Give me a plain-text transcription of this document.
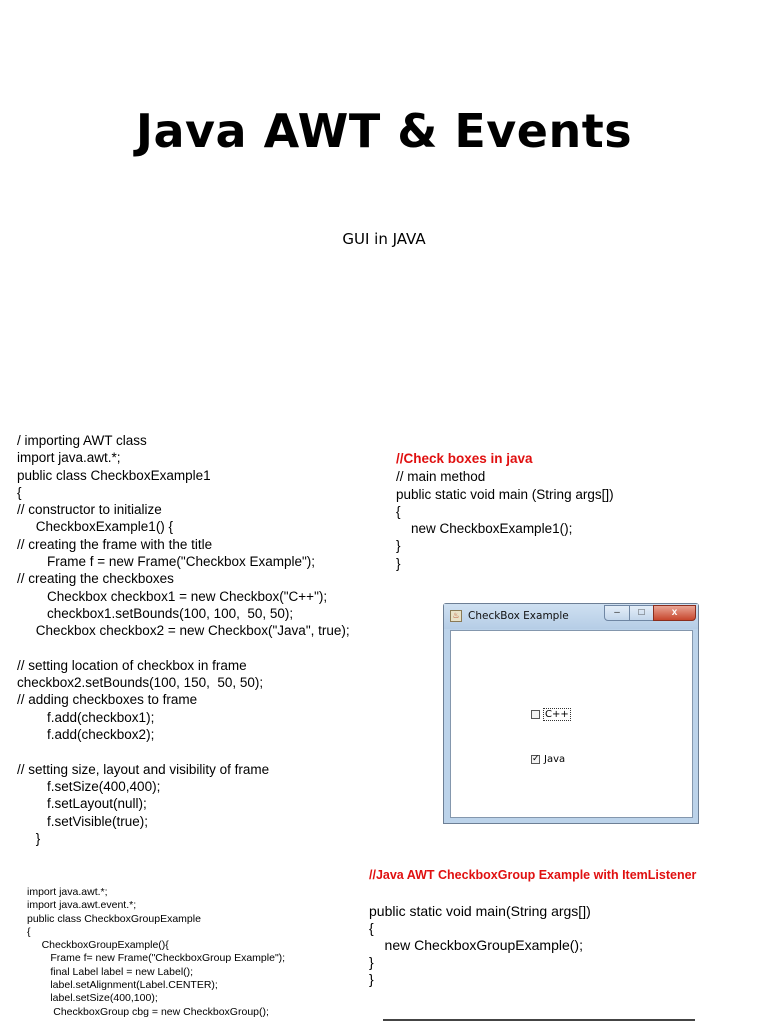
Java AWT & Events
GUI in JAVA
/ importing AWT class
import java.awt.*;
public class CheckboxExample1
{
// constructor to initialize
CheckboxExample1() {
// creating the frame with the title
Frame f = new Frame("Checkbox Example");
// creating the checkboxes
Checkbox checkbox1 = new Checkbox("C++");
checkbox1.setBounds(100, 100,  50, 50);
Checkbox checkbox2 = new Checkbox("Java", true);

// setting location of checkbox in frame
checkbox2.setBounds(100, 150,  50, 50);
// adding checkboxes to frame
f.add(checkbox1);
f.add(checkbox2);

// setting size, layout and visibility of frame
f.setSize(400,400);
f.setLayout(null);
f.setVisible(true);
}
//Check boxes in java
// main method
public static void main (String args[])
{
new CheckboxExample1();
}
}
♨ CheckBox Example	–	□	x
C++
✓ Java
//Java AWT CheckboxGroup Example with ItemListener
public static void main(String args[])
{
new CheckboxGroupExample();
}
}
import java.awt.*;
import java.awt.event.*;
public class CheckboxGroupExample
{
CheckboxGroupExample(){
Frame f= new Frame("CheckboxGroup Example");
final Label label = new Label();
label.setAlignment(Label.CENTER);
label.setSize(400,100);
CheckboxGroup cbg = new CheckboxGroup();
